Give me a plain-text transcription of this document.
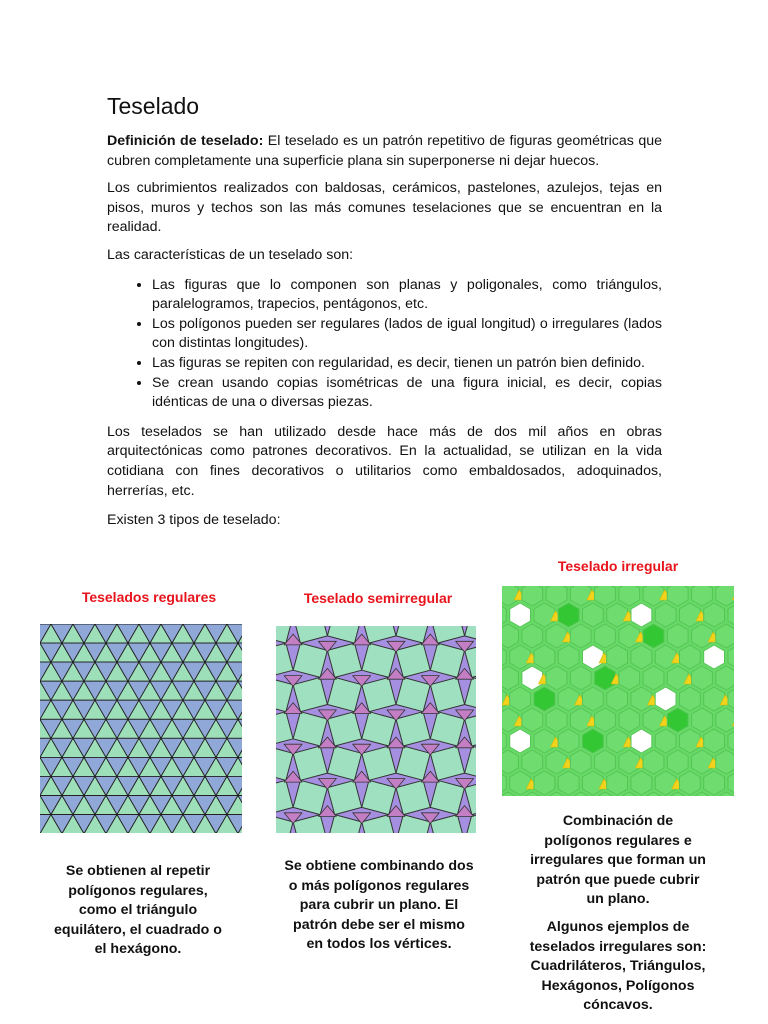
Teselado

Definición de teselado: El teselado es un patrón repetitivo de figuras geométricas que cubren completamente una superficie plana sin superponerse ni dejar huecos.

Los cubrimientos realizados con baldosas, cerámicos, pastelones, azulejos, tejas en pisos, muros y techos son las más comunes teselaciones que se encuentran en la realidad.

Las características de un teselado son:

• Las figuras que lo componen son planas y poligonales, como triángulos, paralelogramos, trapecios, pentágonos, etc.
• Los polígonos pueden ser regulares (lados de igual longitud) o irregulares (lados con distintas longitudes).
• Las figuras se repiten con regularidad, es decir, tienen un patrón bien definido.
• Se crean usando copias isométricas de una figura inicial, es decir, copias idénticas de una o diversas piezas.

Los teselados se han utilizado desde hace más de dos mil años en obras arquitectónicas como patrones decorativos. En la actualidad, se utilizan en la vida cotidiana con fines decorativos o utilitarios como embaldosados, adoquinados, herrerías, etc.

Existen 3 tipos de teselado:

Teselados regulares
Se obtienen al repetir polígonos regulares, como el triángulo equilátero, el cuadrado o el hexágono.
Teselado semirregular
Se obtiene combinando dos o más polígonos regulares para cubrir un plano. El patrón debe ser el mismo en todos los vértices.
Teselado irregular
Combinación de polígonos regulares e irregulares que forman un patrón que puede cubrir un plano.
Algunos ejemplos de teselados irregulares son: Cuadriláteros, Triángulos, Hexágonos, Polígonos cóncavos.
